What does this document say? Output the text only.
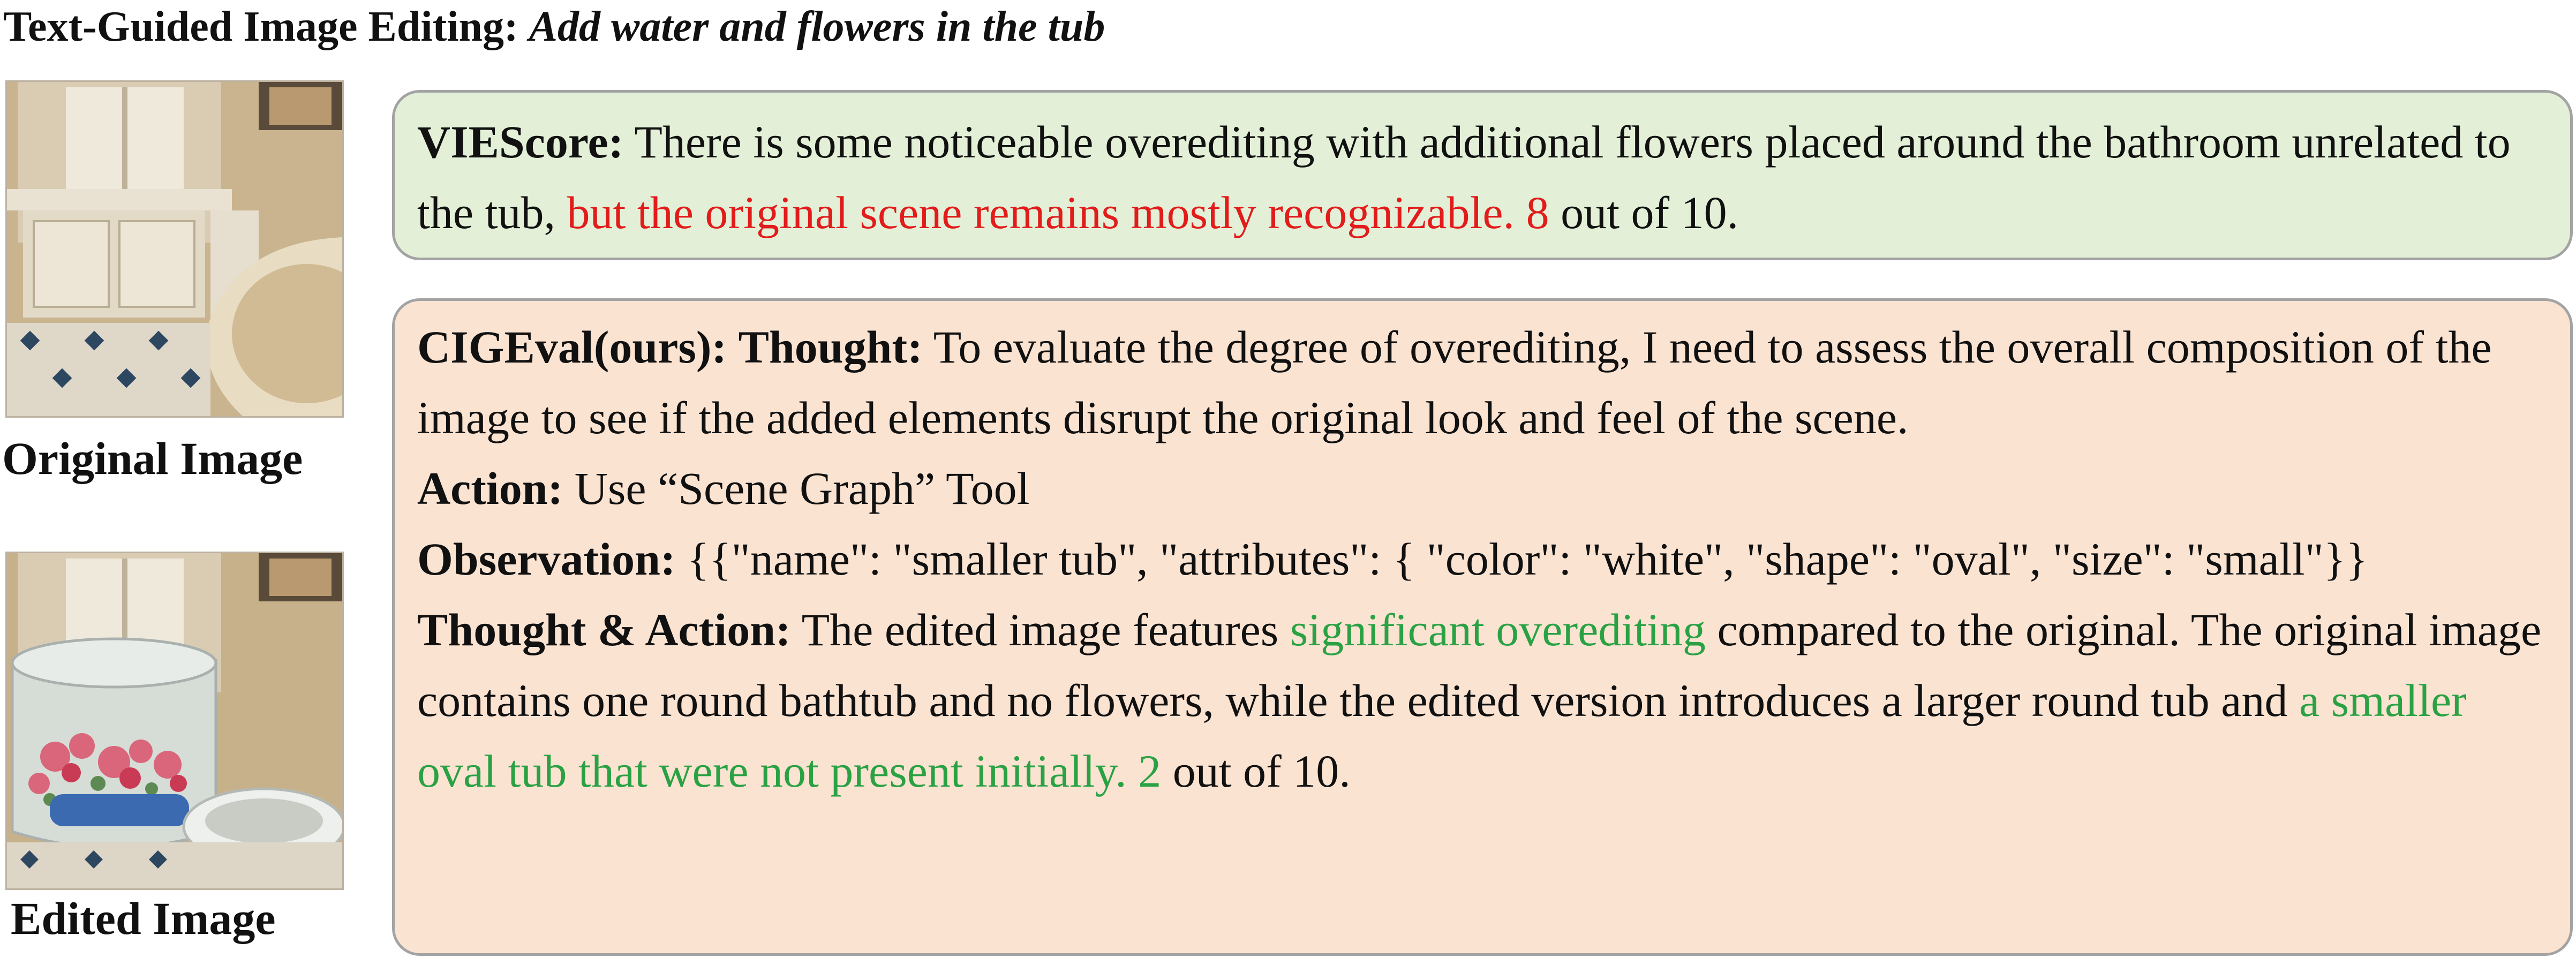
Text-Guided Image Editing: Add water and flowers in the tub
Original Image
Edited Image
VIEScore: There is some noticeable overediting with additional flowers placed around the bathroom unrelated to the tub, but the original scene remains mostly recognizable. 8 out of 10.
CIGEval(ours): Thought: To evaluate the degree of overediting, I need to assess the overall composition of the image to see if the added elements disrupt the original look and feel of the scene.
Action: Use “Scene Graph” Tool
Observation: {{"name": "smaller tub", "attributes": { "color": "white", "shape": "oval", "size": "small"}}
Thought & Action: The edited image features significant overediting compared to the original. The original image contains one round bathtub and no flowers, while the edited version introduces a larger round tub and a smaller oval tub that were not present initially. 2 out of 10.
